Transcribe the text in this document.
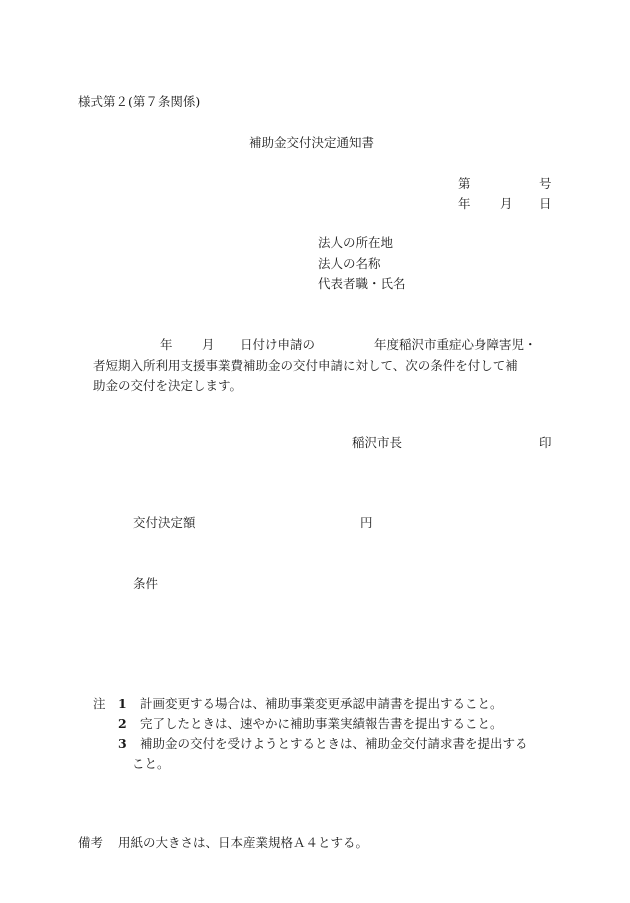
様式第２(第７条関係)
補助金交付決定通知書
第	号
年 月 日
法人の所在地
法人の名称
代表者職・氏名
年 月 日付け申請の	年度稲沢市重症心身障害児・
者短期入所利用支援事業費補助金の交付申請に対して、次の条件を付して補
助金の交付を決定します。
稲沢市長	印
交付決定額	円
条件
注 1 計画変更する場合は、補助事業変更承認申請書を提出すること。
2 完了したときは、速やかに補助事業実績報告書を提出すること。
3 補助金の交付を受けようとするときは、補助金交付請求書を提出する
こと。
備考 用紙の大きさは、日本産業規格Ａ４とする。
